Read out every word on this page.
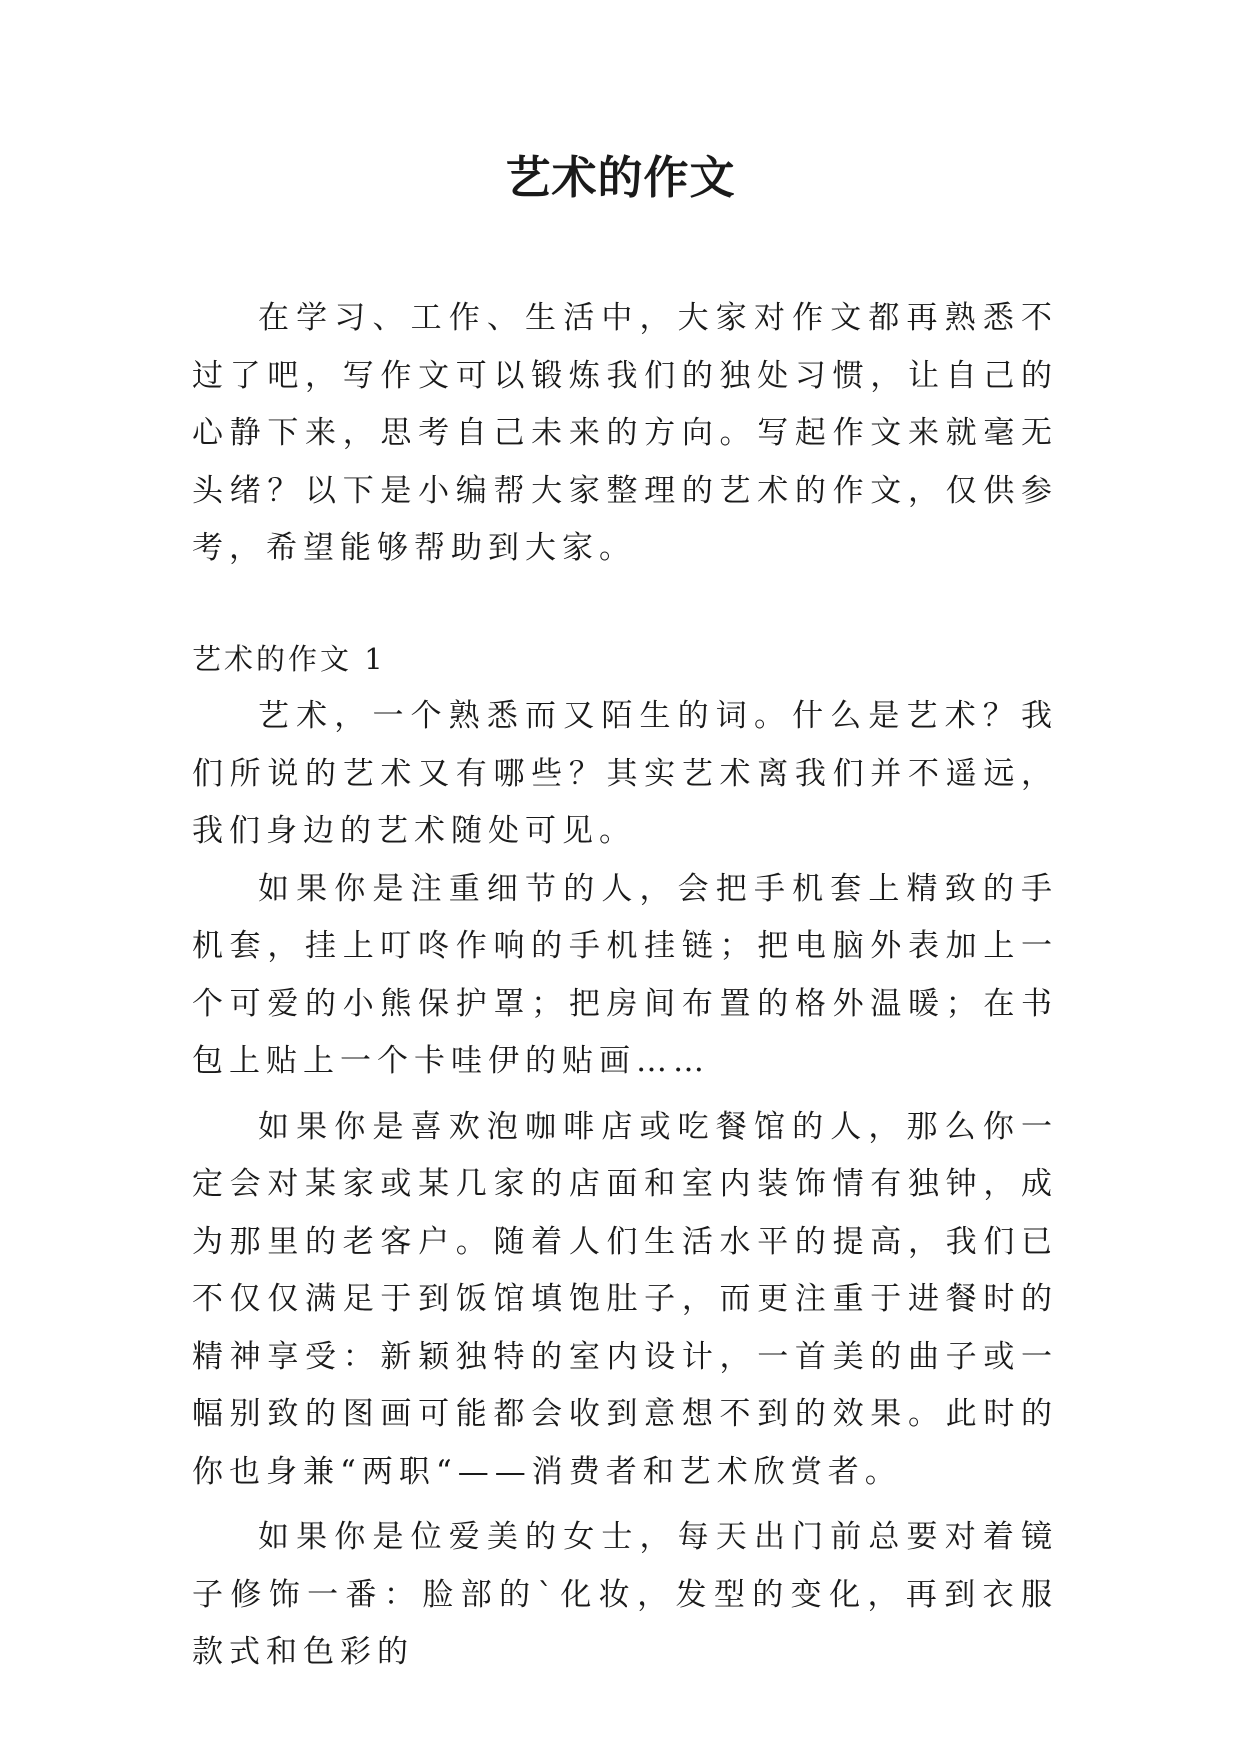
艺术的作文

在学习、工作、生活中，大家对作文都再熟悉不过了吧，写作文可以锻炼我们的独处习惯，让自己的心静下来，思考自己未来的方向。写起作文来就毫无头绪？以下是小编帮大家整理的艺术的作文，仅供参考，希望能够帮助到大家。

艺术的作文 1

艺术，一个熟悉而又陌生的词。什么是艺术？我们所说的艺术又有哪些？其实艺术离我们并不遥远，我们身边的艺术随处可见。

如果你是注重细节的人，会把手机套上精致的手机套，挂上叮咚作响的手机挂链；把电脑外表加上一个可爱的小熊保护罩；把房间布置的格外温暖；在书包上贴上一个卡哇伊的贴画……

如果你是喜欢泡咖啡店或吃餐馆的人，那么你一定会对某家或某几家的店面和室内装饰情有独钟，成为那里的老客户。随着人们生活水平的提高，我们已不仅仅满足于到饭馆填饱肚子，而更注重于进餐时的精神享受：新颖独特的室内设计，一首美的曲子或一幅别致的图画可能都会收到意想不到的效果。此时的你也身兼“两职“——消费者和艺术欣赏者。

如果你是位爱美的女士，每天出门前总要对着镜子修饰一番：脸部的`化妆，发型的变化，再到衣服款式和色彩的
